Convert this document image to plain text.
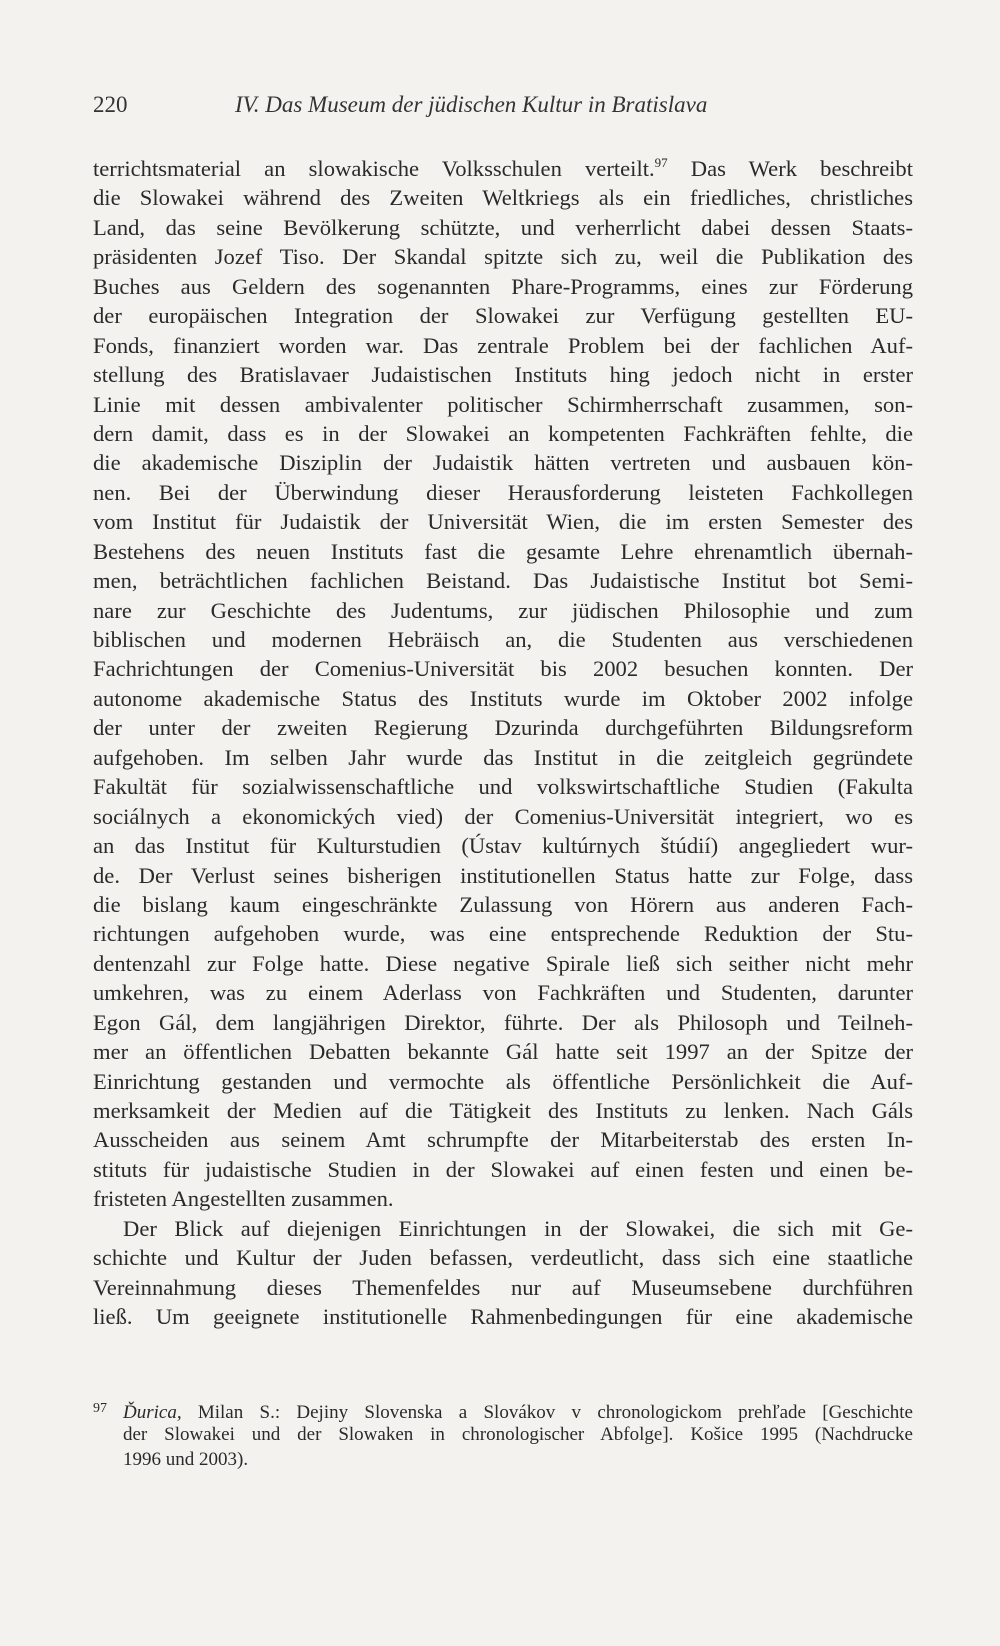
220	IV. Das Museum der jüdischen Kultur in Bratislava
terrichtsmaterial an slowakische Volksschulen verteilt.$^{97}$ Das Werk beschreibt
die Slowakei während des Zweiten Weltkriegs als ein friedliches, christliches
Land, das seine Bevölkerung schützte, und verherrlicht dabei dessen Staats-
präsidenten Jozef Tiso. Der Skandal spitzte sich zu, weil die Publikation des
Buches aus Geldern des sogenannten Phare-Programms, eines zur Förderung
der europäischen Integration der Slowakei zur Verfügung gestellten EU-
Fonds, finanziert worden war. Das zentrale Problem bei der fachlichen Auf-
stellung des Bratislavaer Judaistischen Instituts hing jedoch nicht in erster
Linie mit dessen ambivalenter politischer Schirmherrschaft zusammen, son-
dern damit, dass es in der Slowakei an kompetenten Fachkräften fehlte, die
die akademische Disziplin der Judaistik hätten vertreten und ausbauen kön-
nen. Bei der Überwindung dieser Herausforderung leisteten Fachkollegen
vom Institut für Judaistik der Universität Wien, die im ersten Semester des
Bestehens des neuen Instituts fast die gesamte Lehre ehrenamtlich übernah-
men, beträchtlichen fachlichen Beistand. Das Judaistische Institut bot Semi-
nare zur Geschichte des Judentums, zur jüdischen Philosophie und zum
biblischen und modernen Hebräisch an, die Studenten aus verschiedenen
Fachrichtungen der Comenius-Universität bis 2002 besuchen konnten. Der
autonome akademische Status des Instituts wurde im Oktober 2002 infolge
der unter der zweiten Regierung Dzurinda durchgeführten Bildungsreform
aufgehoben. Im selben Jahr wurde das Institut in die zeitgleich gegründete
Fakultät für sozialwissenschaftliche und volkswirtschaftliche Studien (Fakulta
sociálnych a ekonomických vied) der Comenius-Universität integriert, wo es
an das Institut für Kulturstudien (Ústav kultúrnych štúdií) angegliedert wur-
de. Der Verlust seines bisherigen institutionellen Status hatte zur Folge, dass
die bislang kaum eingeschränkte Zulassung von Hörern aus anderen Fach-
richtungen aufgehoben wurde, was eine entsprechende Reduktion der Stu-
dentenzahl zur Folge hatte. Diese negative Spirale ließ sich seither nicht mehr
umkehren, was zu einem Aderlass von Fachkräften und Studenten, darunter
Egon Gál, dem langjährigen Direktor, führte. Der als Philosoph und Teilneh-
mer an öffentlichen Debatten bekannte Gál hatte seit 1997 an der Spitze der
Einrichtung gestanden und vermochte als öffentliche Persönlichkeit die Auf-
merksamkeit der Medien auf die Tätigkeit des Instituts zu lenken. Nach Gáls
Ausscheiden aus seinem Amt schrumpfte der Mitarbeiterstab des ersten In-
stituts für judaistische Studien in der Slowakei auf einen festen und einen be-
fristeten Angestellten zusammen.
Der Blick auf diejenigen Einrichtungen in der Slowakei, die sich mit Ge-
schichte und Kultur der Juden befassen, verdeutlicht, dass sich eine staatliche
Vereinnahmung dieses Themenfeldes nur auf Museumsebene durchführen
ließ. Um geeignete institutionelle Rahmenbedingungen für eine akademische
97 Ďurica, Milan S.: Dejiny Slovenska a Slovákov v chronologickom prehľade [Geschichte
der Slowakei und der Slowaken in chronologischer Abfolge]. Košice 1995 (Nachdrucke
1996 und 2003).
